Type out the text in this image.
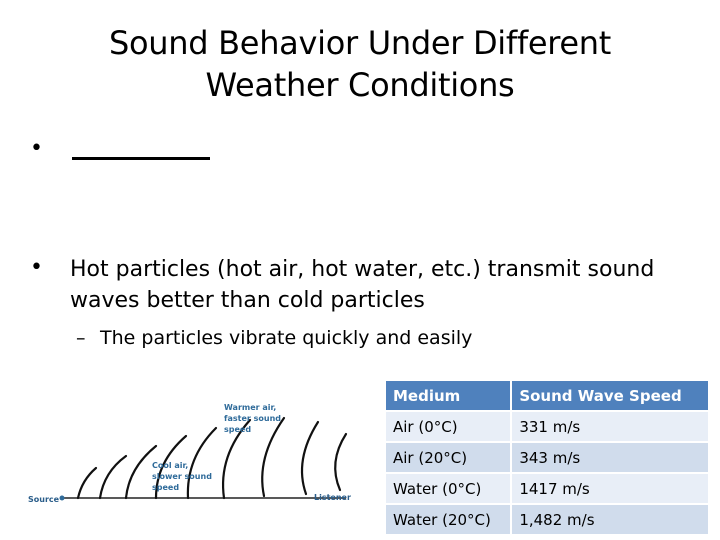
Sound Behavior Under Different
Weather Conditions
•
• Hot particles (hot air, hot water, etc.) transmit sound waves better than cold particles
– The particles vibrate quickly and easily
Warmer air, faster sound speed
Cool air, slower sound speed
Source	Listener
Medium	Sound Wave Speed
Air (0°C)	331 m/s
Air (20°C)	343 m/s
Water (0°C)	1417 m/s
Water (20°C)	1,482 m/s
